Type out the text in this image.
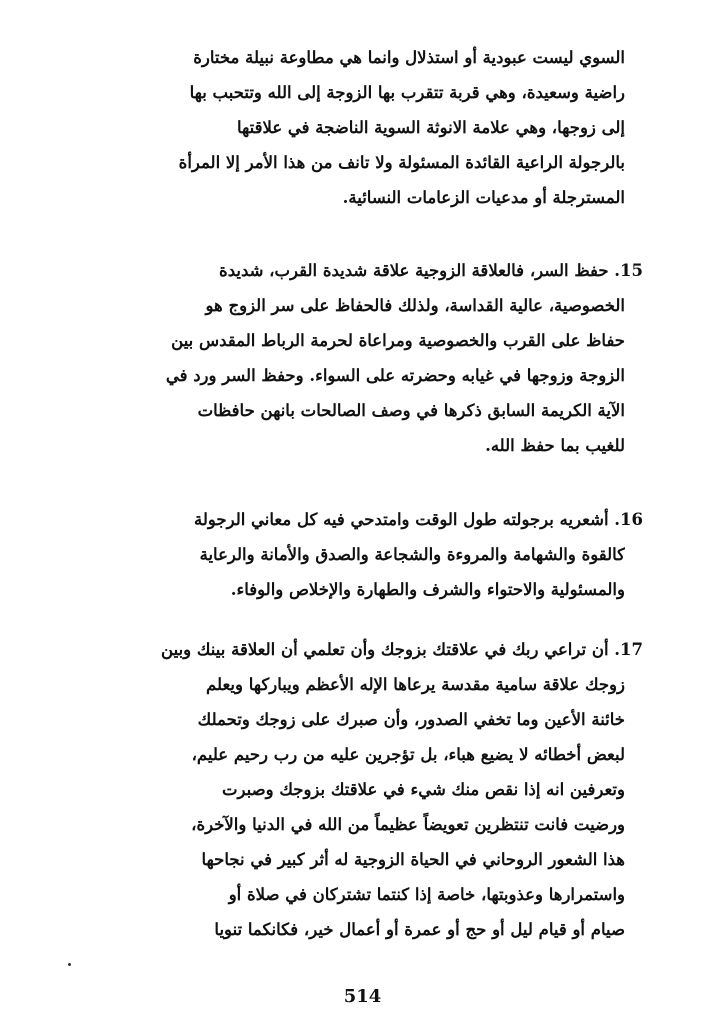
السوي ليست عبودية أو استذلال وانما هي مطاوعة نبيلة مختارة
راضية وسعيدة، وهي قربة تتقرب بها الزوجة إلى الله وتتحبب بها
إلى زوجها، وهي علامة الانوثة السوية الناضجة في علاقتها
بالرجولة الراعية القائدة المسئولة ولا تانف من هذا الأمر إلا المرأة
المسترجلة أو مدعيات الزعامات النسائية.
15. حفظ السر، فالعلاقة الزوجية علاقة شديدة القرب، شديدة
الخصوصية، عالية القداسة، ولذلك فالحفاظ على سر الزوج هو
حفاظ على القرب والخصوصية ومراعاة لحرمة الرباط المقدس بين
الزوجة وزوجها في غيابه وحضرته على السواء. وحفظ السر ورد في
الآية الكريمة السابق ذكرها في وصف الصالحات بانهن حافظات
للغيب بما حفظ الله.
16. أشعريه برجولته طول الوقت وامتدحي فيه كل معاني الرجولة
كالقوة والشهامة والمروءة والشجاعة والصدق والأمانة والرعاية
والمسئولية والاحتواء والشرف والطهارة والإخلاص والوفاء.
17. أن تراعي ربك في علاقتك بزوجك وأن تعلمي أن العلاقة بينك وبين
زوجك علاقة سامية مقدسة يرعاها الإله الأعظم ويباركها ويعلم
خائنة الأعين وما تخفي الصدور، وأن صبرك على زوجك وتحملك
لبعض أخطائه لا يضيع هباء، بل تؤجرين عليه من رب رحيم عليم،
وتعرفين انه إذا نقص منك شيء في علاقتك بزوجك وصبرت
ورضيت فانت تنتظرين تعويضاً عظيماً من الله في الدنيا والآخرة،
هذا الشعور الروحاني في الحياة الزوجية له أثر كبير في نجاحها
واستمرارها وعذوبتها، خاصة إذا كنتما تشتركان في صلاة أو
صيام أو قيام ليل أو حج أو عمرة أو أعمال خير، فكانكما تنويا
514
